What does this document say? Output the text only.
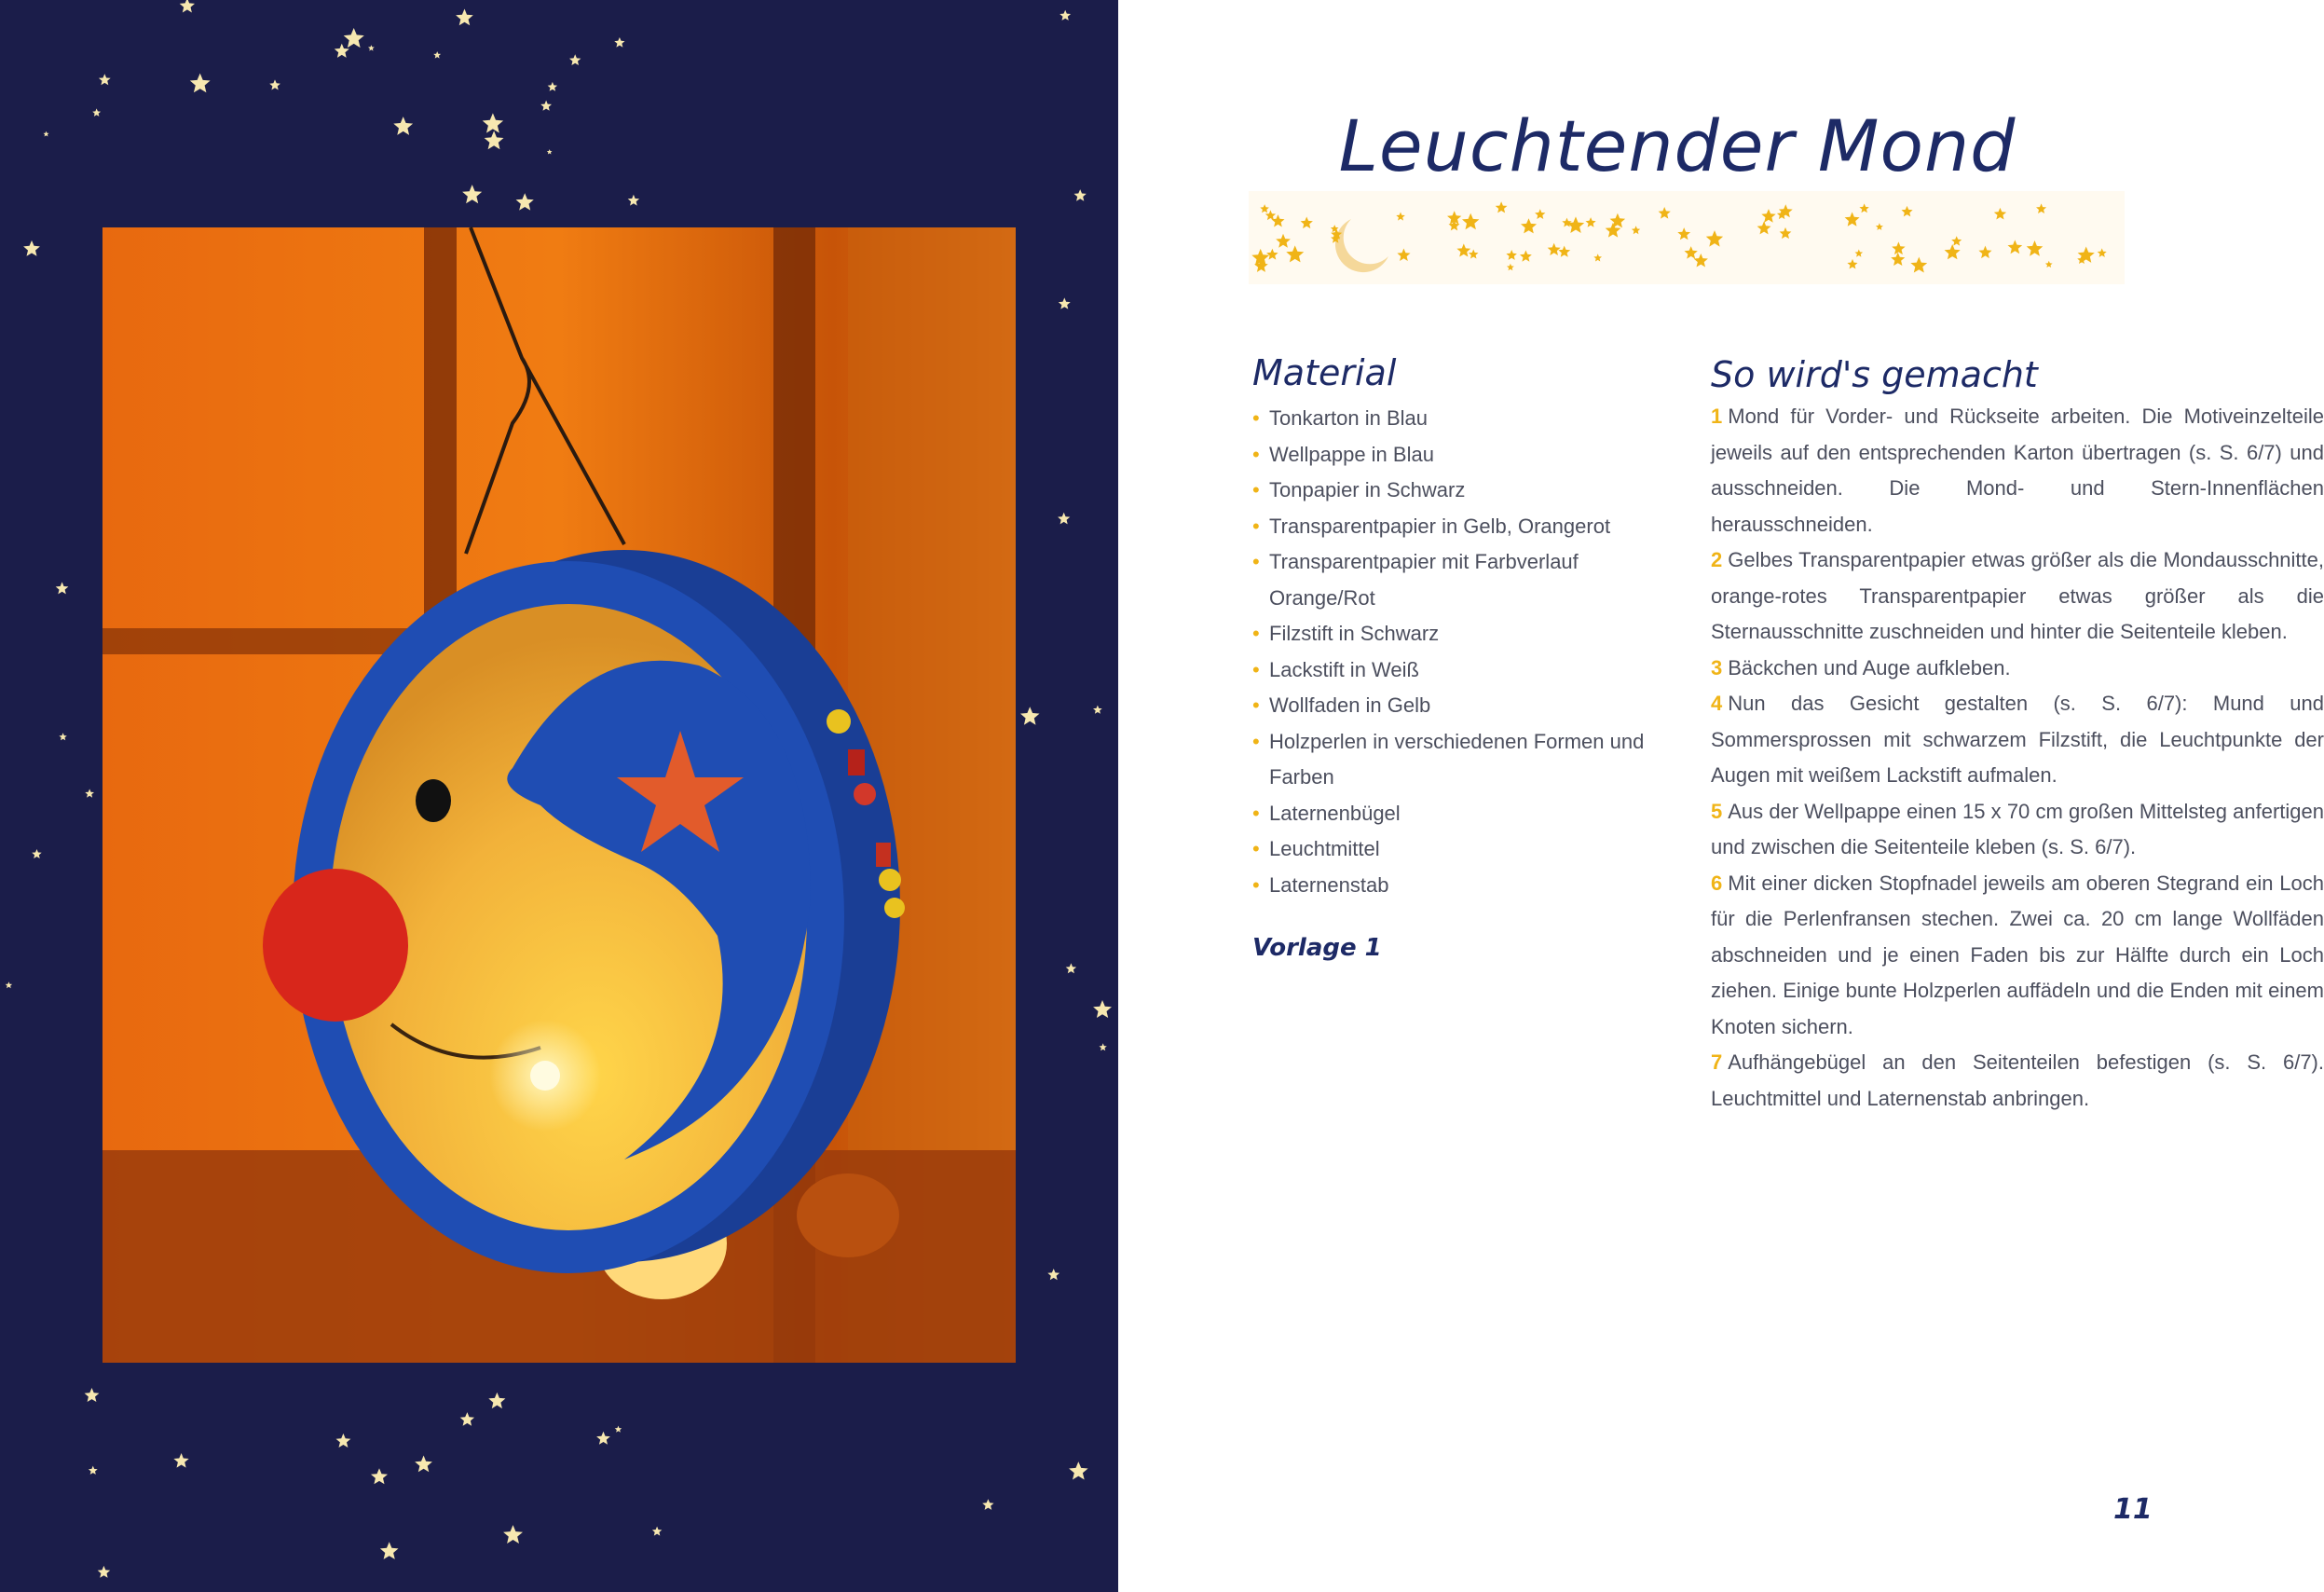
Leuchtender Mond
Material
• Tonkarton in Blau
• Wellpappe in Blau
• Tonpapier in Schwarz
• Transparentpapier in Gelb, Orangerot
• Transparentpapier mit Farbverlauf Orange/Rot
• Filzstift in Schwarz
• Lackstift in Weiß
• Wollfaden in Gelb
• Holzperlen in verschiedenen Formen und Farben
• Laternenbügel
• Leuchtmittel
• Laternenstab
Vorlage 1
So wird's gemacht

1 Mond für Vorder- und Rückseite arbeiten. Die Motiveinzelteile jeweils auf den entsprechenden Karton übertragen (s. S. 6/7) und ausschneiden. Die Mond- und Stern-Innenflächen herausschneiden.

2 Gelbes Transparentpapier etwas größer als die Mondausschnitte, orange-rotes Transparentpapier etwas größer als die Sternausschnitte zuschneiden und hinter die Seitenteile kleben.

3 Bäckchen und Auge aufkleben.

4 Nun das Gesicht gestalten (s. S. 6/7): Mund und Sommersprossen mit schwarzem Filzstift, die Leuchtpunkte der Augen mit weißem Lackstift aufmalen.

5 Aus der Wellpappe einen 15 x 70 cm großen Mittelsteg anfertigen und zwischen die Seitenteile kleben (s. S. 6/7).

6 Mit einer dicken Stopfnadel jeweils am oberen Stegrand ein Loch für die Perlenfransen stechen. Zwei ca. 20 cm lange Wollfäden abschneiden und je einen Faden bis zur Hälfte durch ein Loch ziehen. Einige bunte Holzperlen auffädeln und die Enden mit einem Knoten sichern.

7 Aufhängebügel an den Seitenteilen befestigen (s. S. 6/7). Leuchtmittel und Laternenstab anbringen.

11
